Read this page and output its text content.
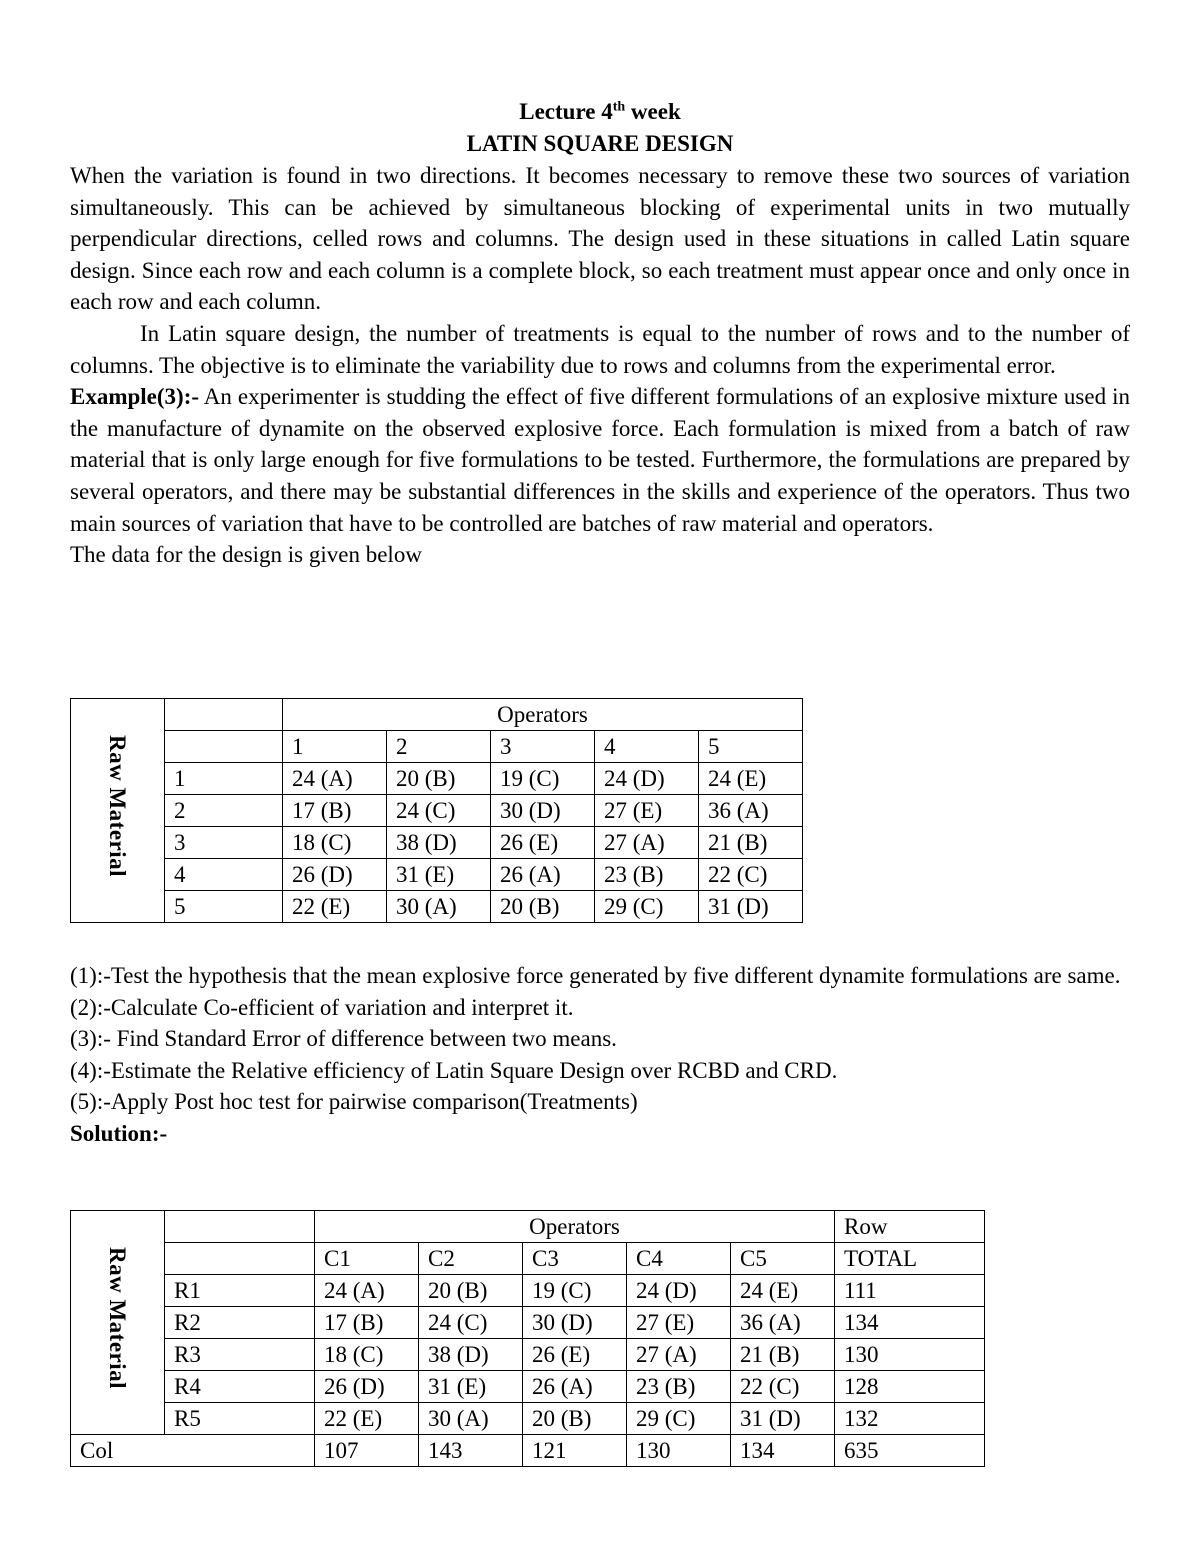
Lecture 4th week
LATIN SQUARE DESIGN

When the variation is found in two directions. It becomes necessary to remove these two sources of variation simultaneously. This can be achieved by simultaneous blocking of experimental units in two mutually perpendicular directions, celled rows and columns. The design used in these situations in called Latin square design. Since each row and each column is a complete block, so each treatment must appear once and only once in each row and each column.

In Latin square design, the number of treatments is equal to the number of rows and to the number of columns. The objective is to eliminate the variability due to rows and columns from the experimental error.

Example(3):- An experimenter is studding the effect of five different formulations of an explosive mixture used in the manufacture of dynamite on the observed explosive force. Each formulation is mixed from a batch of raw material that is only large enough for five formulations to be tested. Furthermore, the formulations are prepared by several operators, and there may be substantial differences in the skills and experience of the operators. Thus two main sources of variation that have to be controlled are batches of raw material and operators.

The data for the design is given below

Raw Material		Operators				
		1	2	3	4	5
	1	24 (A)	20 (B)	19 (C)	24 (D)	24 (E)
	2	17 (B)	24 (C)	30 (D)	27 (E)	36 (A)
	3	18 (C)	38 (D)	26 (E)	27 (A)	21 (B)
	4	26 (D)	31 (E)	26 (A)	23 (B)	22 (C)
	5	22 (E)	30 (A)	20 (B)	29 (C)	31 (D)

(1):-Test the hypothesis that the mean explosive force generated by five different dynamite formulations are same.

(2):-Calculate Co-efficient of variation and interpret it.

(3):- Find Standard Error of difference between two means.

(4):-Estimate the Relative efficiency of Latin Square Design over RCBD and CRD.

(5):-Apply Post hoc test for pairwise comparison(Treatments)

Solution:-

Raw Material		Operators					Row
		C1	C2	C3	C4	C5	TOTAL
	R1	24 (A)	20 (B)	19 (C)	24 (D)	24 (E)	111
	R2	17 (B)	24 (C)	30 (D)	27 (E)	36 (A)	134
	R3	18 (C)	38 (D)	26 (E)	27 (A)	21 (B)	130
	R4	26 (D)	31 (E)	26 (A)	23 (B)	22 (C)	128
	R5	22 (E)	30 (A)	20 (B)	29 (C)	31 (D)	132
Col		107	143	121	130	134	635
